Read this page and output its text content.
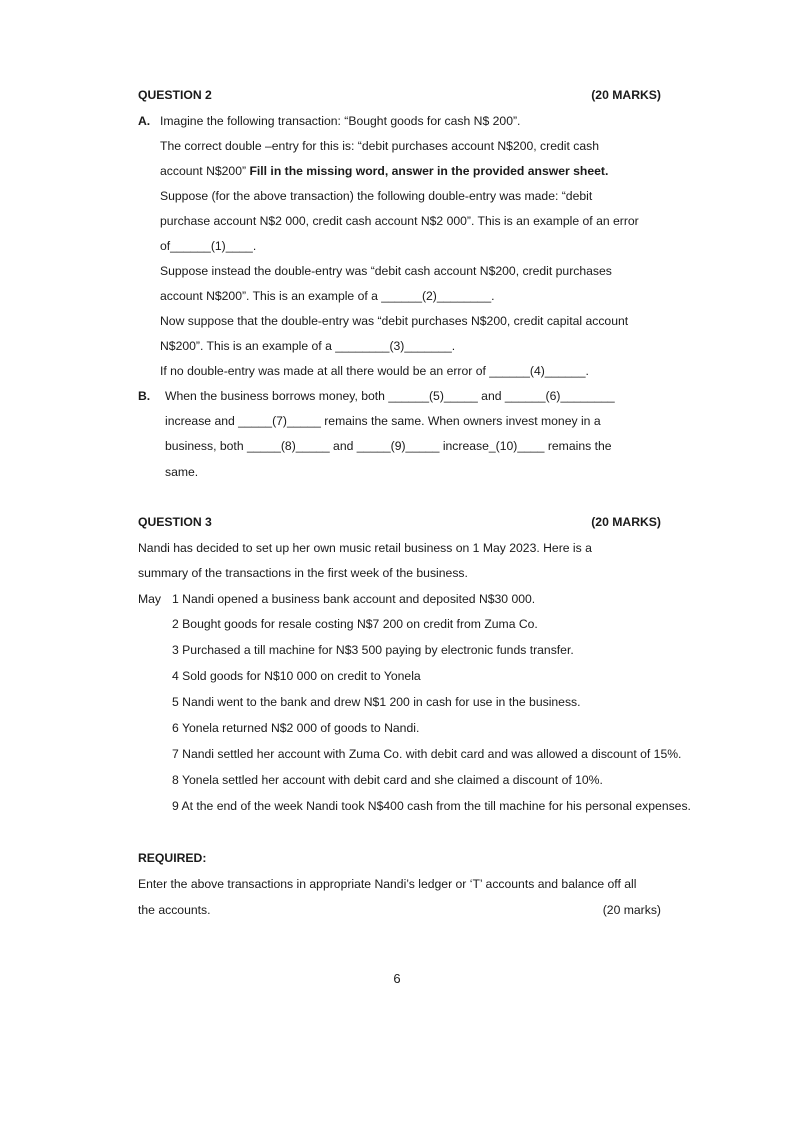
QUESTION 2	(20 MARKS)
A. Imagine the following transaction: “Bought goods for cash N$ 200”.
The correct double –entry for this is: “debit purchases account N$200, credit cash
account N$200” Fill in the missing word, answer in the provided answer sheet.
Suppose (for the above transaction) the following double-entry was made: “debit
purchase account N$2 000, credit cash account N$2 000”. This is an example of an error
of______(1)____.
Suppose instead the double-entry was “debit cash account N$200, credit purchases
account N$200”. This is an example of a ______(2)________.
Now suppose that the double-entry was “debit purchases N$200, credit capital account
N$200”. This is an example of a ________(3)_______.
If no double-entry was made at all there would be an error of ______(4)______.
B. When the business borrows money, both ______(5)_____ and ______(6)________
increase and _____(7)_____ remains the same. When owners invest money in a
business, both _____(8)_____ and _____(9)_____ increase_(10)____ remains the
same.
QUESTION 3	(20 MARKS)
Nandi has decided to set up her own music retail business on 1 May 2023. Here is a
summary of the transactions in the first week of the business.
May 1 Nandi opened a business bank account and deposited N$30 000.
2 Bought goods for resale costing N$7 200 on credit from Zuma Co.
3 Purchased a till machine for N$3 500 paying by electronic funds transfer.
4 Sold goods for N$10 000 on credit to Yonela
5 Nandi went to the bank and drew N$1 200 in cash for use in the business.
6 Yonela returned N$2 000 of goods to Nandi.
7 Nandi settled her account with Zuma Co. with debit card and was allowed a discount of 15%.
8 Yonela settled her account with debit card and she claimed a discount of 10%.
9 At the end of the week Nandi took N$400 cash from the till machine for his personal expenses.
REQUIRED:
Enter the above transactions in appropriate Nandi’s ledger or ‘T’ accounts and balance off all
the accounts.	(20 marks)
6
